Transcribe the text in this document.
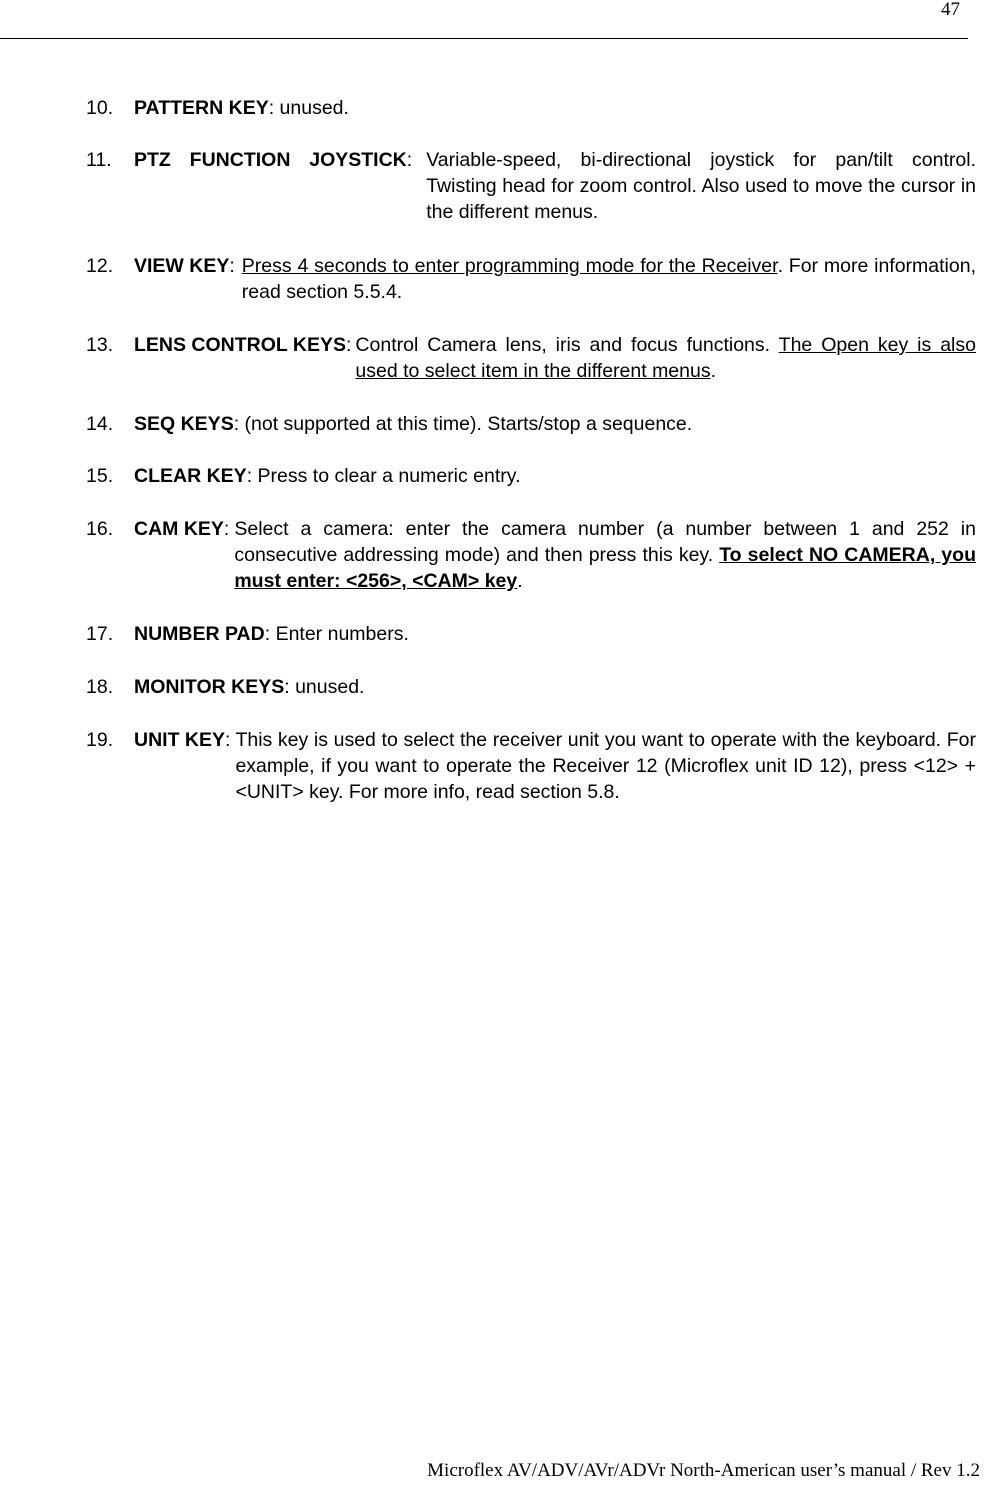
47
10. PATTERN KEY: unused.
11. PTZ  FUNCTION  JOYSTICK : Variable-speed, bi-directional joystick for pan/tilt control. Twisting head for zoom control. Also used to move the cursor in the different menus.
12. VIEW KEY : Press 4 seconds to enter programming mode for the Receiver. For more information, read section 5.5.4.
13. LENS CONTROL KEYS : Control Camera lens, iris and focus functions. The Open key is also used to select item in the different menus.
14. SEQ KEYS: (not supported at this time). Starts/stop a sequence.
15. CLEAR KEY: Press to clear a numeric entry.
16. CAM KEY : Select a camera: enter the camera number (a number between 1 and 252 in consecutive addressing mode) and then press this key. To select NO CAMERA, you must enter: <256>, <CAM> key.
17. NUMBER PAD: Enter numbers.
18. MONITOR KEYS: unused.
19. UNIT KEY : This key is used to select the receiver unit you want to operate with the keyboard. For example, if you want to operate the Receiver 12 (Microflex unit ID 12), press <12> + <UNIT> key. For more info, read section 5.8.
Microflex AV/ADV/AVr/ADVr North-American user’s manual / Rev 1.2
